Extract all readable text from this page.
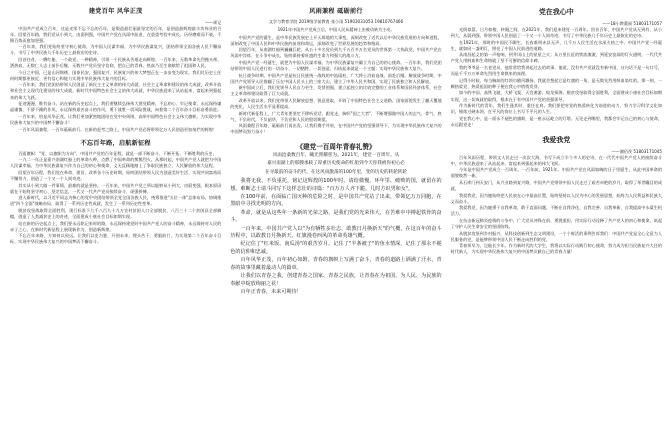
建党百年 风华正茂
——颂记

中国共产党成立百年，这是光荣不忘不忘的百年，是锻造最壮丽最坚定的百年，是创造最辉煌最丰功伟业的百年。回望百年路，我们党从小到大、由弱到强，中国共产党在风雨中前进、在重重考验中成长，历经磨难而不衰，千锤百炼而愈加坚强。

一百年来，我们党始终坚守初心使命，为中国人民谋幸福、为中华民族谋复兴，团结带领全国各族人民不懈奋斗，书写了中华民族几千年历史上最恢宏的史诗。

回首往昔，一艘红船、一个政党、一种精神，引领一个民族从苦难走向辉煌；一百年来，无数革命先烈抛头颅、洒热血，无数仁人志士前仆后继，无数共产党员坚守信仰，把自己的青春、热血乃至生命献给了祖国和人民。

今日之中国，已是山河锦绣、国泰民安，强国复兴、民族复兴的伟大梦想正在一步步变为现实。我们比历史上任何时期都更接近、更有信心和能力实现中华民族伟大复兴的目标。

一百年来，我们党团结带领人民创造了新民主主义革命的伟大成就、社会主义革命和建设的伟大成就、改革开放和社会主义现代化建设的伟大成就、新时代中国特色社会主义的伟大成就，中华民族迎来了从站起来、富起来到强起来的伟大飞跃。

征途漫漫，惟有奋斗。站在新的历史起点上，我们要继续弘扬伟大建党精神，不忘初心、牢记使命，永远保持谦虚谨慎、不骄不躁的作风，永远保持艰苦奋斗的作风，勇于战胜一切风险挑战，向着第二个百年奋斗目标奋勇前进。

一百年来，恰是风华正茂。让我们更加紧密地团结在党中央周围，高举中国特色社会主义伟大旗帜，为实现中华民族伟大复兴的中国梦不懈奋斗！

一百年风雨兼程，一百年砥砺前行。在新的赶考之路上，中国共产党必将带领亿万人民创造更加灿烂的辉煌！

不忘百年路，启航新征程

百面旗帜："党、以旗帜为方向"，中国共产党的百年征程，就是一部不断奋斗、不断开拓、不断胜利的历史。

一九二一年正是嘉兴南湖红船上的革命火种，点燃了中国革命的熊熊烈火。从那时起，中国共产党人就把为中国人民谋幸福、为中华民族谋复兴作为自己的初心和使命，义无反顾地踏上了争取民族独立、人民解放的伟大征程。

回望百年历程，我们党在革命、建设、改革各个历史时期，始终团结带领人民为创造美好生活、实现共同富裕而不懈努力，创造了一个又一个人间奇迹。

其实从小到大做一件事情，最难的就是坚持。一百年来，中国共产党之所以能够从小到大、由弱变强，根本原因就在于始终坚守初心、坚定信念，一代又一代共产党员接续奋斗、顽强拼搏。

进入新时代，以习近平同志为核心的党中央团结带领全党全国各族人民，统筹推进"五位一体"总体布局，协调推进"四个全面"战略布局，取得了一系列历史性成就，发生了一系列历史性变革。

脱贫攻坚战取得全面胜利，现行标准下九千八百九十九万农村贫困人口全部脱贫，八百三十二个贫困县全部摘帽，创造了人类减贫史上的奇迹，全面建成小康社会目标如期实现。

站在新的历史起点上，我们要永远铭记来时的路，永远保持建党时中国共产党人的奋斗精神，永远保持对人民的赤子之心，在新时代新征程上展现新作为、创造新辉煌。

不忘百年来路，方知何以致远。让我们以史为鉴、开创未来，埋头苦干、勇毅前行，为实现第二个百年奋斗目标、实现中华民族伟大复兴的中国梦而不懈奋斗。

风雨兼程 砥砺前行
文学与教育学院 2019级学前教育 张小雨 51903031053 19810767466
1921年中国共产党成立后，中国人民从精神上由被动转为主动。

中国共产党的诞生，是中华民族发展史上开天辟地的大事变，深刻改变了近代以后中华民族发展的方向和进程，深刻改变了中国人民和中华民族的前途和命运，深刻改变了世界发展的趋势和格局。

回望百年，从南湖红船到巍巍巨轮，从五十多名党员到九千五百多万名党员的世界第一大执政党，中国共产党在风雨中淬炼、在斗争中成长，始终保持着旺盛的生命力和强大的战斗力。

中国共产党一经诞生，就把为中国人民谋幸福、为中华民族谋复兴确立为自己的初心使命。一百年来，我们党团结带领中国人民进行的一切奋斗、一切牺牲、一切创造，归结起来就是一个主题：实现中华民族伟大复兴。

抗日战争时期，中国共产党是抗日民族统一战线的中流砥柱，广大将士浴血奋战、前赴后继。解放战争时期，中国共产党领导人民推翻了压在中国人民头上的三座大山，建立了中华人民共和国，实现了民族独立和人民解放。

新中国成立后，我们党领导人民自力更生、发愤图强，建立起独立的比较完整的工业体系和国民经济体系，社会主义革命和建设取得了巨大成就。

改革开放以来，我们党带领人民解放思想、锐意进取，开辟了中国特色社会主义道路，国家面貌发生了翻天覆地的变化，人民生活水平显著提高。

新时代新征程上，广大青年要坚定不移听党话、跟党走，胸怀"国之大者"，不断增强做中国人的志气、骨气、底气，不负时代，不负韶华，不负党和人民的殷切期望。

风雨兼程百年路，砥砺前行再出发。让我们携手并肩，在中国共产党的坚强领导下，为实现中华民族伟大复兴的中国梦而努力奋斗！

《建党一百周年青春礼赞》
风雨沧桑数百年，曦光照耀慈为。2021年，建党一百周年。从
嘉兴南湖上的那艘承载了厚重历史使命的红船到今天你我被你初心必
在寻最前的奋斗的代，在这风雨激荡的100年里，变的历史的转轮转轮

我将无我，不负重托，铭记这辉煌的100年时，请给微慢，环年里、破败的国，就留在的想。难断志士请斗同写下这样志壮的诗篇："百万万人齐下跪，几时方识男和女"。

在100年前，在面临亡国灭种的危险之时，是中国共产党站了出来，带领亿万万同胞，在黑暗中寻找光明的方向。

革命，就是从这些年一条新的光荣之路，是我们党的光荣伟大，在苦难中中搏起铁骨的奋斗。

一百年来，中国共产党人以"为有牺牲多壮志，敢教日月换新天"的气概，在这百年的奋斗历程中，以敢教日月换新天、红旗漫卷西风的革命英雄气概。

纪记住了"红米饭、南瓜汤"的艰苦岁月，记住了"半条被子"的鱼水情深，记住了那永不褪色的信仰和忠诚。

百年风华正茂，百年初心如磐。青春的旗帜上写满了奋斗，青春的道路上洒满了汗水，青春的故事里藏着最动人的篇章。

让我们以青春之我，创建青春之国家、青春之民族，让青春在为祖国、为人民、为民族的奉献中绽放绚丽之花！

百年正青春，未来可期待！

党在我心中
——18小教董丽 51803171057

光阴似箭，日月如梭，转眼之间，在2021年，我们迎来建党一百周年。回首百年，中国共产党从无到有、从小到大、从弱到强，带领中国人民创造了一个又一个人间奇迹，书写了中华民族几千年历史上最恢宏的史诗。

在1921年，那时的中国民不聊生，长夜难明赤县无声，几千万人民生活在水深火热之中。中国共产党一经诞生，就如同一盏明灯，照亮了中国人民前进的道路。

从南昌起义的第一声枪响，到井冈山上的星星之火；从万里长征的铁流滚滚，到延安窑洞的灯火通明，一代代共产党人用鲜血和生命铸就了坚不可摧的信仰丰碑。

我的爷爷是一名老党员，他常常给我讲起过去的故事。他说，没有共产党就没有新中国，这句话不是一句口号，而是千千万万革命先烈用生命换来的真理。

记得小时候，每当胸前的红领巾随风飘扬，我就会想起它是红旗的一角，是无数先烈用鲜血染红的。那一刻，一颗热爱党、热爱祖国的种子便在我心中悄悄发芽。

如今的中国，高铁飞驰、大桥飞架、天宫遨游、蛟龙探海，脱贫攻坚取得全面胜利，全面建成小康社会目标如期实现，这一切成就的取得，根本在于有中国共产党的坚强领导。

作为新时代的青年，我们生逢其时、重任在肩。我们要把对党的热爱转化为前进的动力，努力学习科学文化知识，锤炼过硬本领，在平凡的岗位上书写不平凡的人生。

党在我心中，是一面永不褪色的旗帜，是一座永远屹立的灯塔。无论走到哪里，我都会牢记自己的初心与使命，永远跟党走！

我爱我党
——谢佰茂 51803171045

百年风雨历程，带领文人民走过一次次大海，书写下成立半个多人的史诗，在一代代中国共产党人的接续奋斗中，中华民族迎来了从站起来、富起来到强起来的伟大飞跃。

今年是中国共产党成立一百周年。一百年前，1921年，中国共产党在风雨如晦的日子里诞生，从此中国革命的面貌焕然一新。

从石库门到天安门，从兴业路到复兴路，中国共产党带领中国人民走过了艰苦卓绝的岁月，取得了举世瞩目的成就。

我爱我党，因为她始终把人民放在心中最高位置，始终坚持以人民为中心的发展思想，始终为人民利益和民族大义而奋斗。

我爱我党，因为她勇于自我革命，敢于直面问题，不断在自我净化、自我完善、自我革新、自我提高中永葆生机活力。

在抗击新冠肺炎疫情的斗争中，广大党员冲锋在前、勇挑重担，用实际行动诠释了共产党人的初心和使命，筑起了守护人民生命安全的坚固防线。

从脱贫攻坚到乡村振兴，从科技创新到生态文明建设，一个个鲜活的事例告诉我们：中国共产党是全心全意为人民服务的党，是能够带领中国人民不断走向胜利的党。

青春须早为，岂能长少年。作为新时代的大学生，我将以实际行动践行初心使命，努力成为担当民族复兴大任的时代新人，为实现中华民族伟大复兴的中国梦贡献自己的青春力量！
